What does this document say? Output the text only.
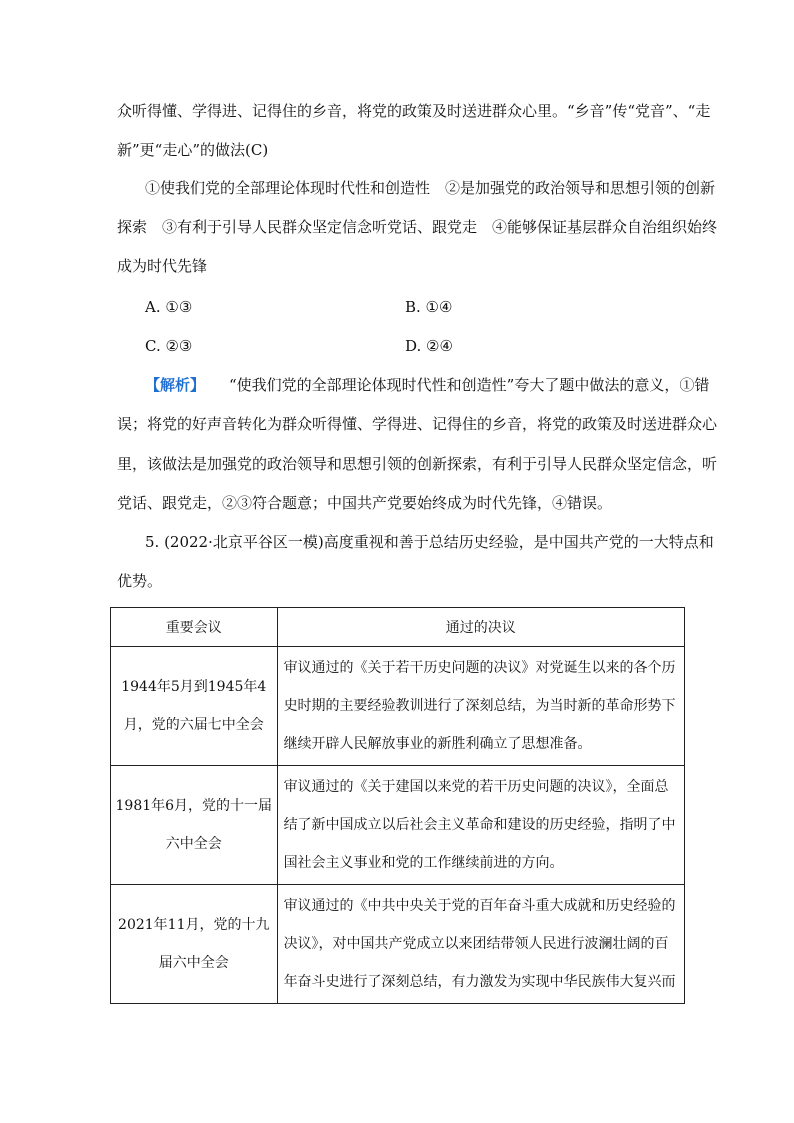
众听得懂、学得进、记得住的乡音，将党的政策及时送进群众心里。“乡音”传“党音”、“走
新”更“走心”的做法(C)
①使我们党的全部理论体现时代性和创造性　②是加强党的政治领导和思想引领的创新
探索　③有利于引导人民群众坚定信念听党话、跟党走　④能够保证基层群众自治组织始终
成为时代先锋
A. ①③	B. ①④
C. ②③	D. ②④
【解析】 “使我们党的全部理论体现时代性和创造性”夸大了题中做法的意义，①错
误；将党的好声音转化为群众听得懂、学得进、记得住的乡音，将党的政策及时送进群众心
里，该做法是加强党的政治领导和思想引领的创新探索，有利于引导人民群众坚定信念，听
党话、跟党走，②③符合题意；中国共产党要始终成为时代先锋，④错误。
5. (2022·北京平谷区一模)高度重视和善于总结历史经验，是中国共产党的一大特点和
优势。
重要会议	通过的决议

1944年5月到1945年4
月，党的六届七中全会	审议通过的《关于若干历史问题的决议》对党诞生以来的各个历
史时期的主要经验教训进行了深刻总结，为当时新的革命形势下
继续开辟人民解放事业的新胜利确立了思想准备。

1981年6月，党的十一届
六中全会	审议通过的《关于建国以来党的若干历史问题的决议》，全面总
结了新中国成立以后社会主义革命和建设的历史经验，指明了中
国社会主义事业和党的工作继续前进的方向。

2021年11月，党的十九
届六中全会	审议通过的《中共中央关于党的百年奋斗重大成就和历史经验的
决议》，对中国共产党成立以来团结带领人民进行波澜壮阔的百
年奋斗史进行了深刻总结，有力激发为实现中华民族伟大复兴而
